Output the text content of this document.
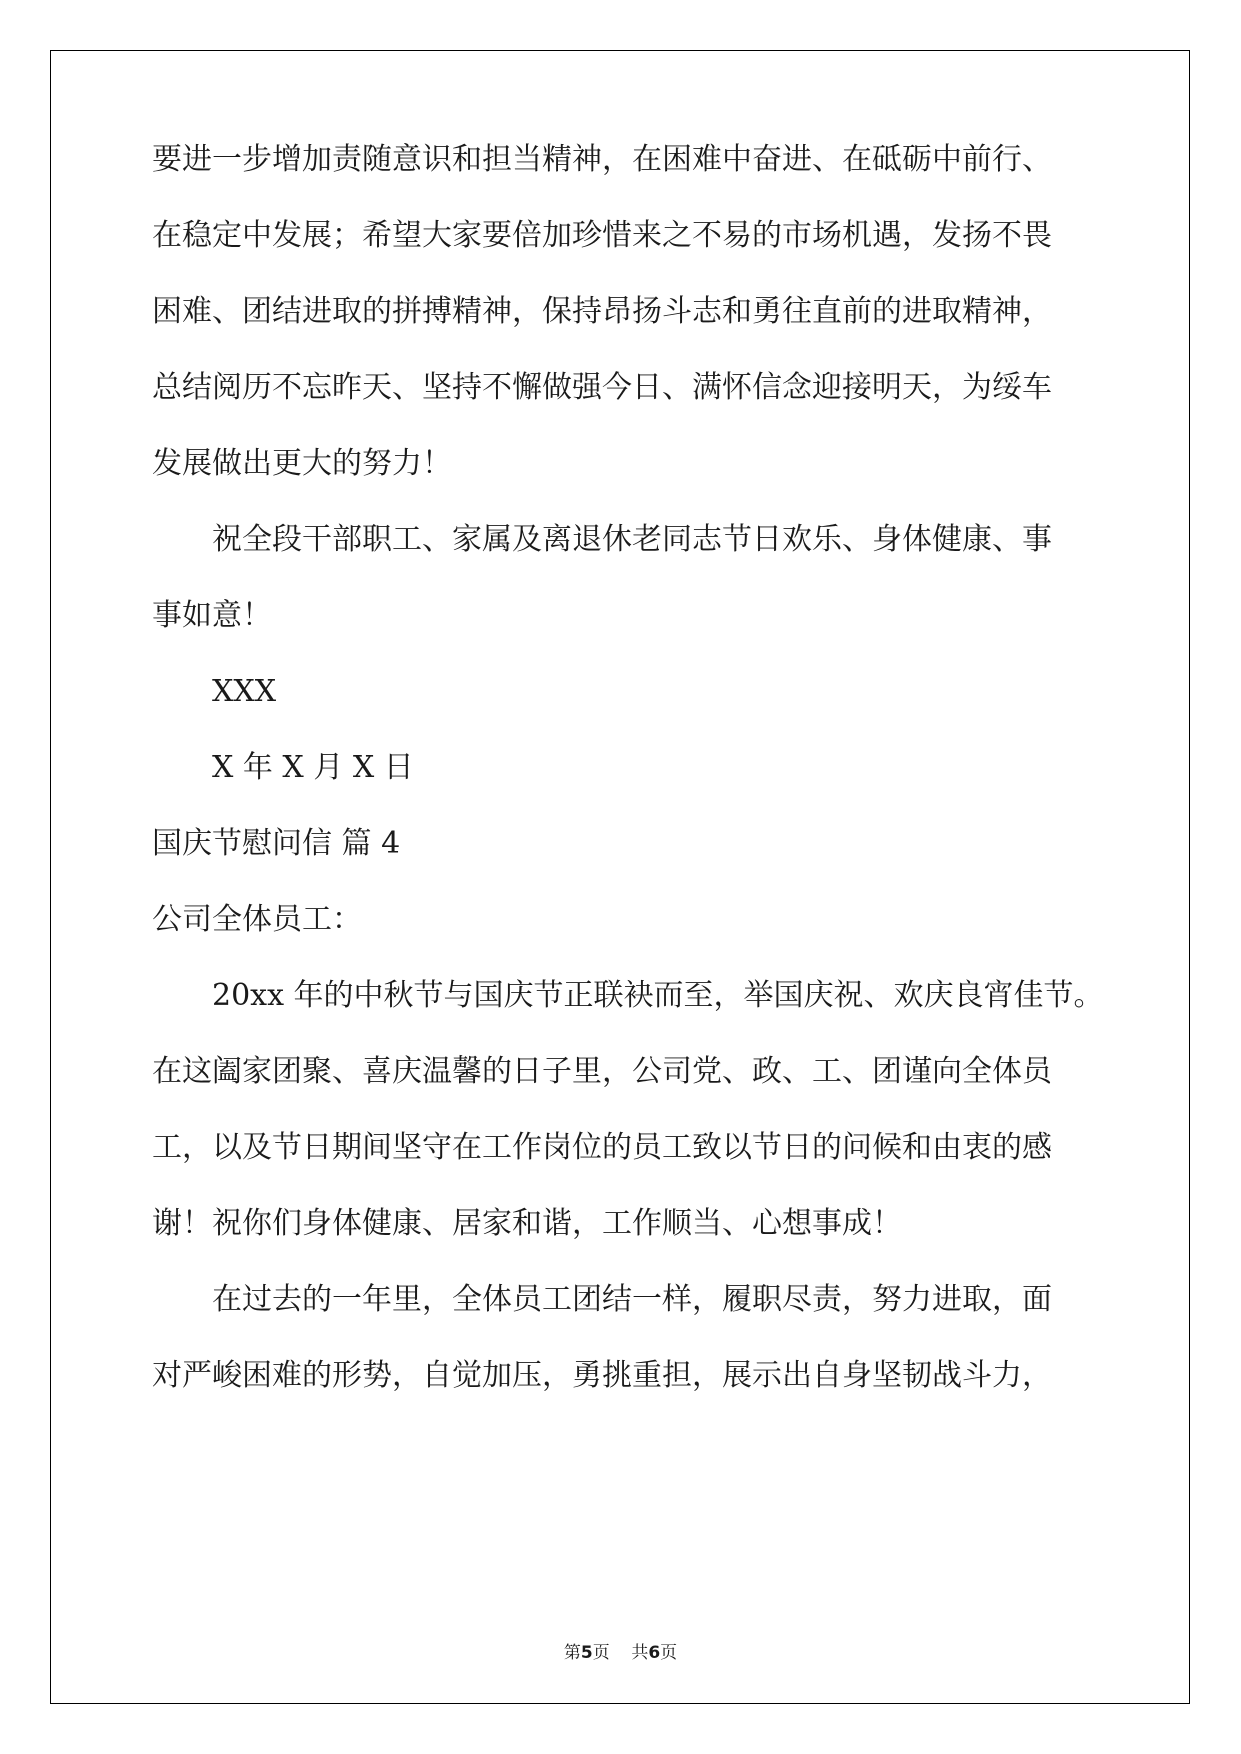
要进一步增加责随意识和担当精神，在困难中奋进、在砥砺中前行、
在稳定中发展；希望大家要倍加珍惜来之不易的市场机遇，发扬不畏
困难、团结进取的拼搏精神，保持昂扬斗志和勇往直前的进取精神，
总结阅历不忘昨天、坚持不懈做强今日、满怀信念迎接明天，为绥车
发展做出更大的努力！
祝全段干部职工、家属及离退休老同志节日欢乐、身体健康、事
事如意！
XXX
X 年 X 月 X 日
国庆节慰问信 篇 4
公司全体员工：
20xx 年的中秋节与国庆节正联袂而至，举国庆祝、欢庆良宵佳节。
在这阖家团聚、喜庆温馨的日子里，公司党、政、工、团谨向全体员
工，以及节日期间坚守在工作岗位的员工致以节日的问候和由衷的感
谢！祝你们身体健康、居家和谐，工作顺当、心想事成！
在过去的一年里，全体员工团结一样，履职尽责，努力进取，面
对严峻困难的形势，自觉加压，勇挑重担，展示出自身坚韧战斗力，
第5页 共6页
